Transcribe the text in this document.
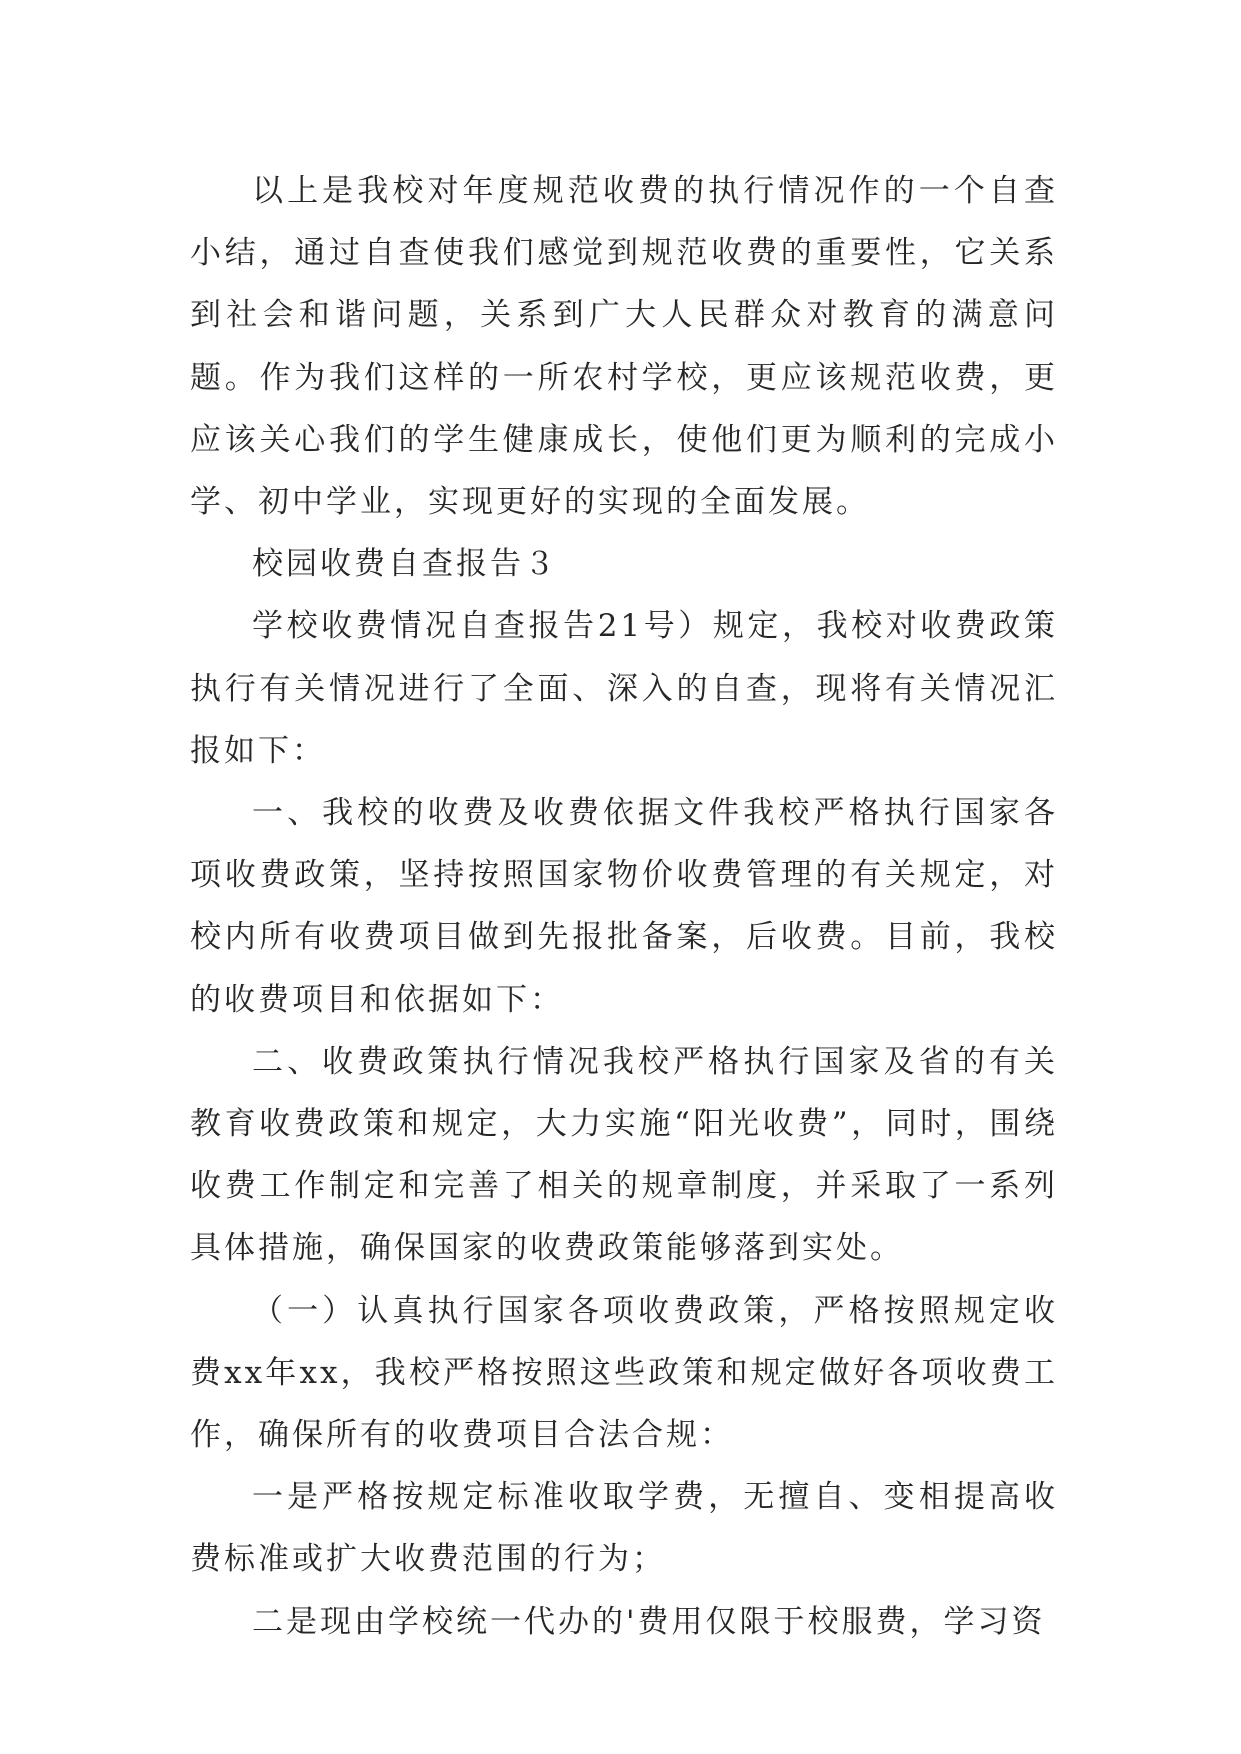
以上是我校对年度规范收费的执行情况作的一个自查小结，通过自查使我们感觉到规范收费的重要性，它关系到社会和谐问题，关系到广大人民群众对教育的满意问题。作为我们这样的一所农村学校，更应该规范收费，更应该关心我们的学生健康成长，使他们更为顺利的完成小学、初中学业，实现更好的实现的全面发展。

校园收费自查报告３

学校收费情况自查报告21号）规定，我校对收费政策执行有关情况进行了全面、深入的自查，现将有关情况汇报如下：

一、我校的收费及收费依据文件我校严格执行国家各项收费政策，坚持按照国家物价收费管理的有关规定，对校内所有收费项目做到先报批备案，后收费。目前，我校的收费项目和依据如下：

二、收费政策执行情况我校严格执行国家及省的有关教育收费政策和规定，大力实施“阳光收费”，同时，围绕收费工作制定和完善了相关的规章制度，并采取了一系列具体措施，确保国家的收费政策能够落到实处。

（一）认真执行国家各项收费政策，严格按照规定收费xx年xx，我校严格按照这些政策和规定做好各项收费工作，确保所有的收费项目合法合规：

一是严格按规定标准收取学费，无擅自、变相提高收费标准或扩大收费范围的行为；

二是现由学校统一代办的'费用仅限于校服费，学习资
